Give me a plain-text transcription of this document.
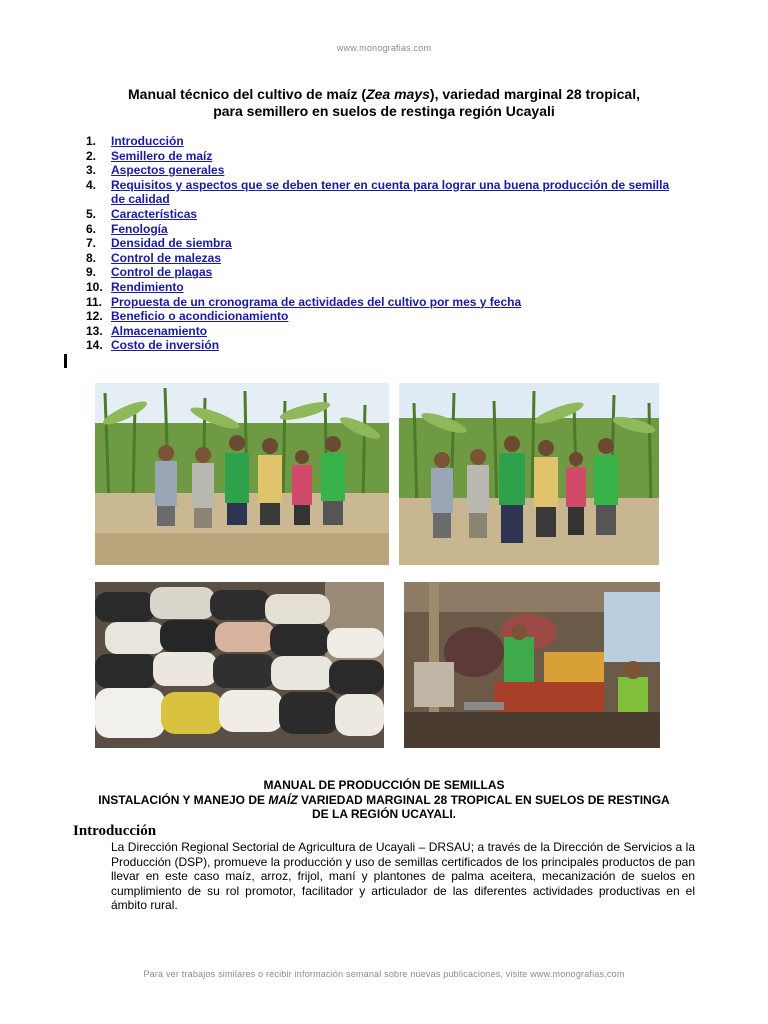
www.monografias.com
Manual técnico del cultivo de maíz (Zea mays), variedad marginal 28 tropical,
para semillero en suelos de restinga región Ucayali
1.	Introducción
2.	Semillero de maíz
3.	Aspectos generales
4.	Requisitos y aspectos que se deben tener en cuenta para lograr una buena producción de semilla de calidad
5.	Características
6.	Fenología
7.	Densidad de siembra
8.	Control de malezas
9.	Control de plagas
10. Rendimiento
11. Propuesta de un cronograma de actividades del cultivo por mes y fecha
12. Beneficio o acondicionamiento
13. Almacenamiento
14. Costo de inversión
MANUAL DE PRODUCCIÓN DE SEMILLAS
INSTALACIÓN Y MANEJO DE MAÍZ VARIEDAD MARGINAL 28 TROPICAL EN SUELOS DE RESTINGA
DE LA REGIÓN UCAYALI.
Introducción
La Dirección Regional Sectorial de Agricultura de Ucayali – DRSAU; a través de la Dirección de Servicios a la Producción (DSP), promueve la producción y uso de semillas certificados de los principales productos de pan llevar en este caso maíz, arroz, frijol, maní y plantones de palma aceitera, mecanización de suelos en cumplimiento de su rol promotor, facilitador y articulador de las diferentes actividades productivas en el ámbito rural.
Para ver trabajos similares o recibir información semanal sobre nuevas publicaciones, visite www.monografias.com
